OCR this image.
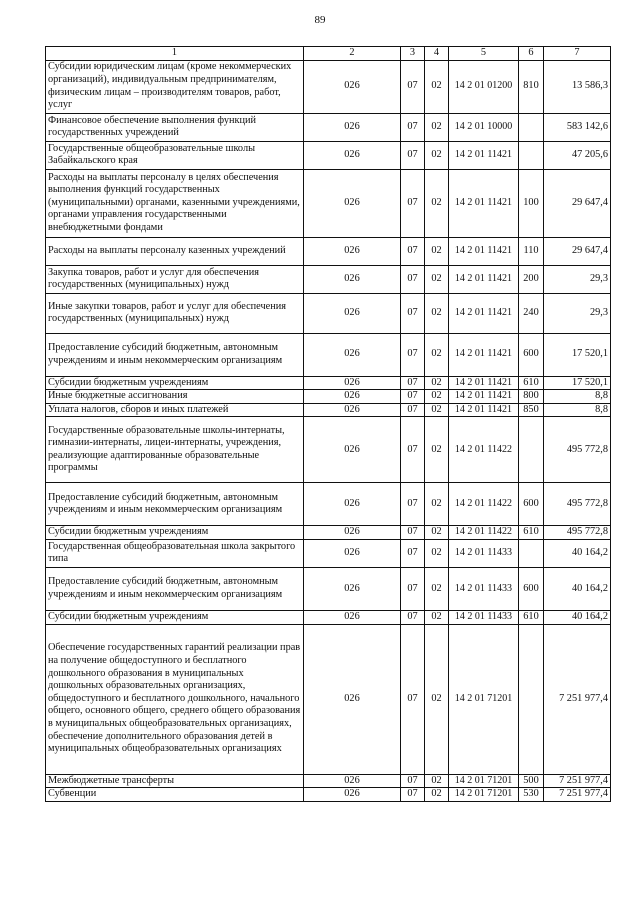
89
1	2	3	4	5	6	7
Субсидии юридическим лицам (кроме некоммерческих организаций), индивидуальным предпринимателям, физическим лицам – производителям товаров, работ, услуг	026	07	02	14 2 01 01200	810	13 586,3
Финансовое обеспечение выполнения функций государственных учреждений	026	07	02	14 2 01 10000		583 142,6
Государственные общеобразовательные школы Забайкальского края	026	07	02	14 2 01 11421		47 205,6
Расходы на выплаты персоналу в целях обеспечения выполнения функций государственных (муниципальными) органами, казенными учреждениями, органами управления государственными внебюджетными фондами	026	07	02	14 2 01 11421	100	29 647,4
Расходы на выплаты персоналу казенных учреждений	026	07	02	14 2 01 11421	110	29 647,4
Закупка товаров, работ и услуг для обеспечения государственных (муниципальных) нужд	026	07	02	14 2 01 11421	200	29,3
Иные закупки товаров, работ и услуг для обеспечения государственных (муниципальных) нужд	026	07	02	14 2 01 11421	240	29,3
Предоставление субсидий бюджетным, автономным учреждениям и иным некоммерческим организациям	026	07	02	14 2 01 11421	600	17 520,1
Субсидии бюджетным учреждениям	026	07	02	14 2 01 11421	610	17 520,1
Иные бюджетные ассигнования	026	07	02	14 2 01 11421	800	8,8
Уплата налогов, сборов и иных платежей	026	07	02	14 2 01 11421	850	8,8
Государственные образовательные школы-интернаты, гимназии-интернаты, лицеи-интернаты, учреждения, реализующие адаптированные образовательные программы	026	07	02	14 2 01 11422		495 772,8
Предоставление субсидий бюджетным, автономным учреждениям и иным некоммерческим организациям	026	07	02	14 2 01 11422	600	495 772,8
Субсидии бюджетным учреждениям	026	07	02	14 2 01 11422	610	495 772,8
Государственная общеобразовательная школа закрытого типа	026	07	02	14 2 01 11433		40 164,2
Предоставление субсидий бюджетным, автономным учреждениям и иным некоммерческим организациям	026	07	02	14 2 01 11433	600	40 164,2
Субсидии бюджетным учреждениям	026	07	02	14 2 01 11433	610	40 164,2
Обеспечение государственных гарантий реализации прав на получение общедоступного и бесплатного дошкольного образования в муниципальных дошкольных образовательных организациях, общедоступного и бесплатного дошкольного, начального общего, основного общего, среднего общего образования в муниципальных общеобразовательных организациях, обеспечение дополнительного образования детей в муниципальных общеобразовательных организациях	026	07	02	14 2 01 71201		7 251 977,4
Межбюджетные трансферты	026	07	02	14 2 01 71201	500	7 251 977,4
Субвенции	026	07	02	14 2 01 71201	530	7 251 977,4
